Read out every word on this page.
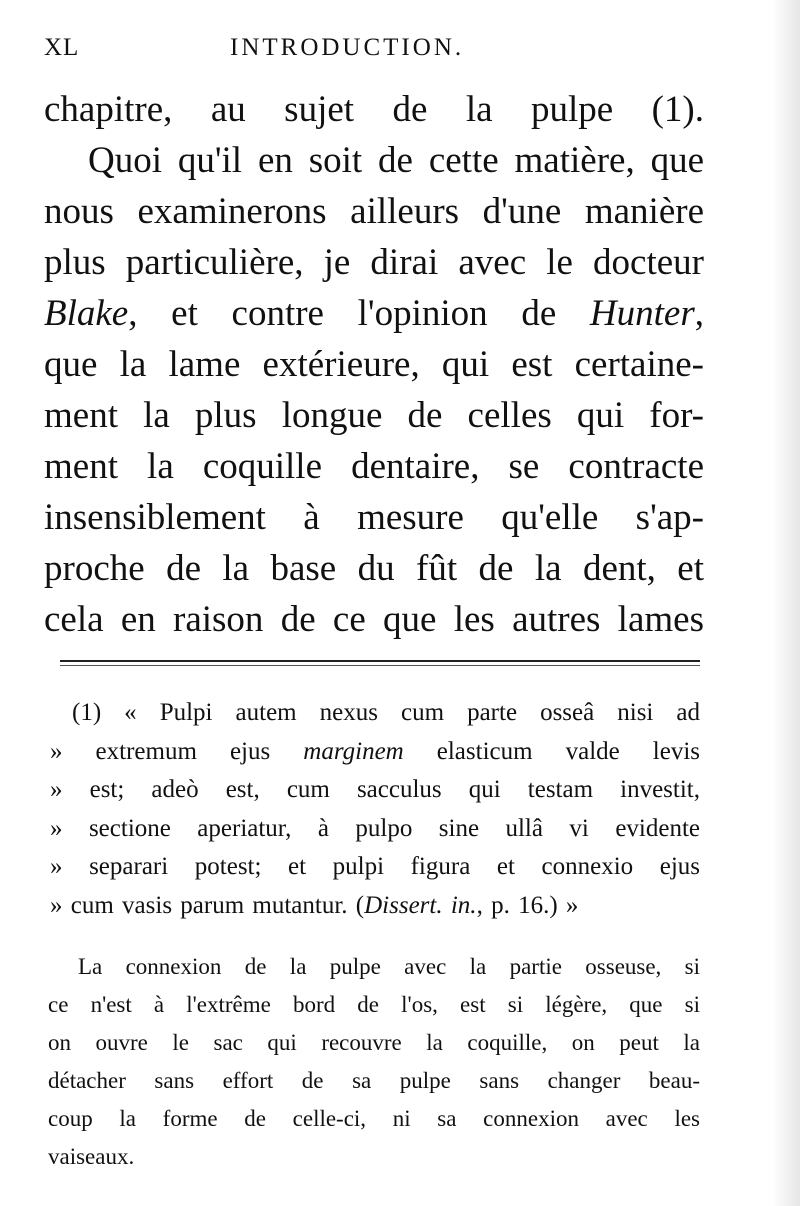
XL	INTRODUCTION.
chapitre, au sujet de la pulpe (1).
Quoi qu'il en soit de cette matière, que
nous examinerons ailleurs d'une manière
plus particulière, je dirai avec le docteur
Blake, et contre l'opinion de Hunter,
que la lame extérieure, qui est certaine-
ment la plus longue de celles qui for-
ment la coquille dentaire, se contracte
insensiblement à mesure qu'elle s'ap-
proche de la base du fût de la dent, et
cela en raison de ce que les autres lames
(1) « Pulpi autem nexus cum parte osseâ nisi ad
» extremum ejus marginem elasticum valde levis
» est; adeò est, cum sacculus qui testam investit,
» sectione aperiatur, à pulpo sine ullâ vi evidente
» separari potest; et pulpi figura et connexio ejus
» cum vasis parum mutantur. (Dissert. in., p. 16.) »
La connexion de la pulpe avec la partie osseuse, si
ce n'est à l'extrême bord de l'os, est si légère, que si
on ouvre le sac qui recouvre la coquille, on peut la
détacher sans effort de sa pulpe sans changer beau-
coup la forme de celle-ci, ni sa connexion avec les
vaiseaux.
